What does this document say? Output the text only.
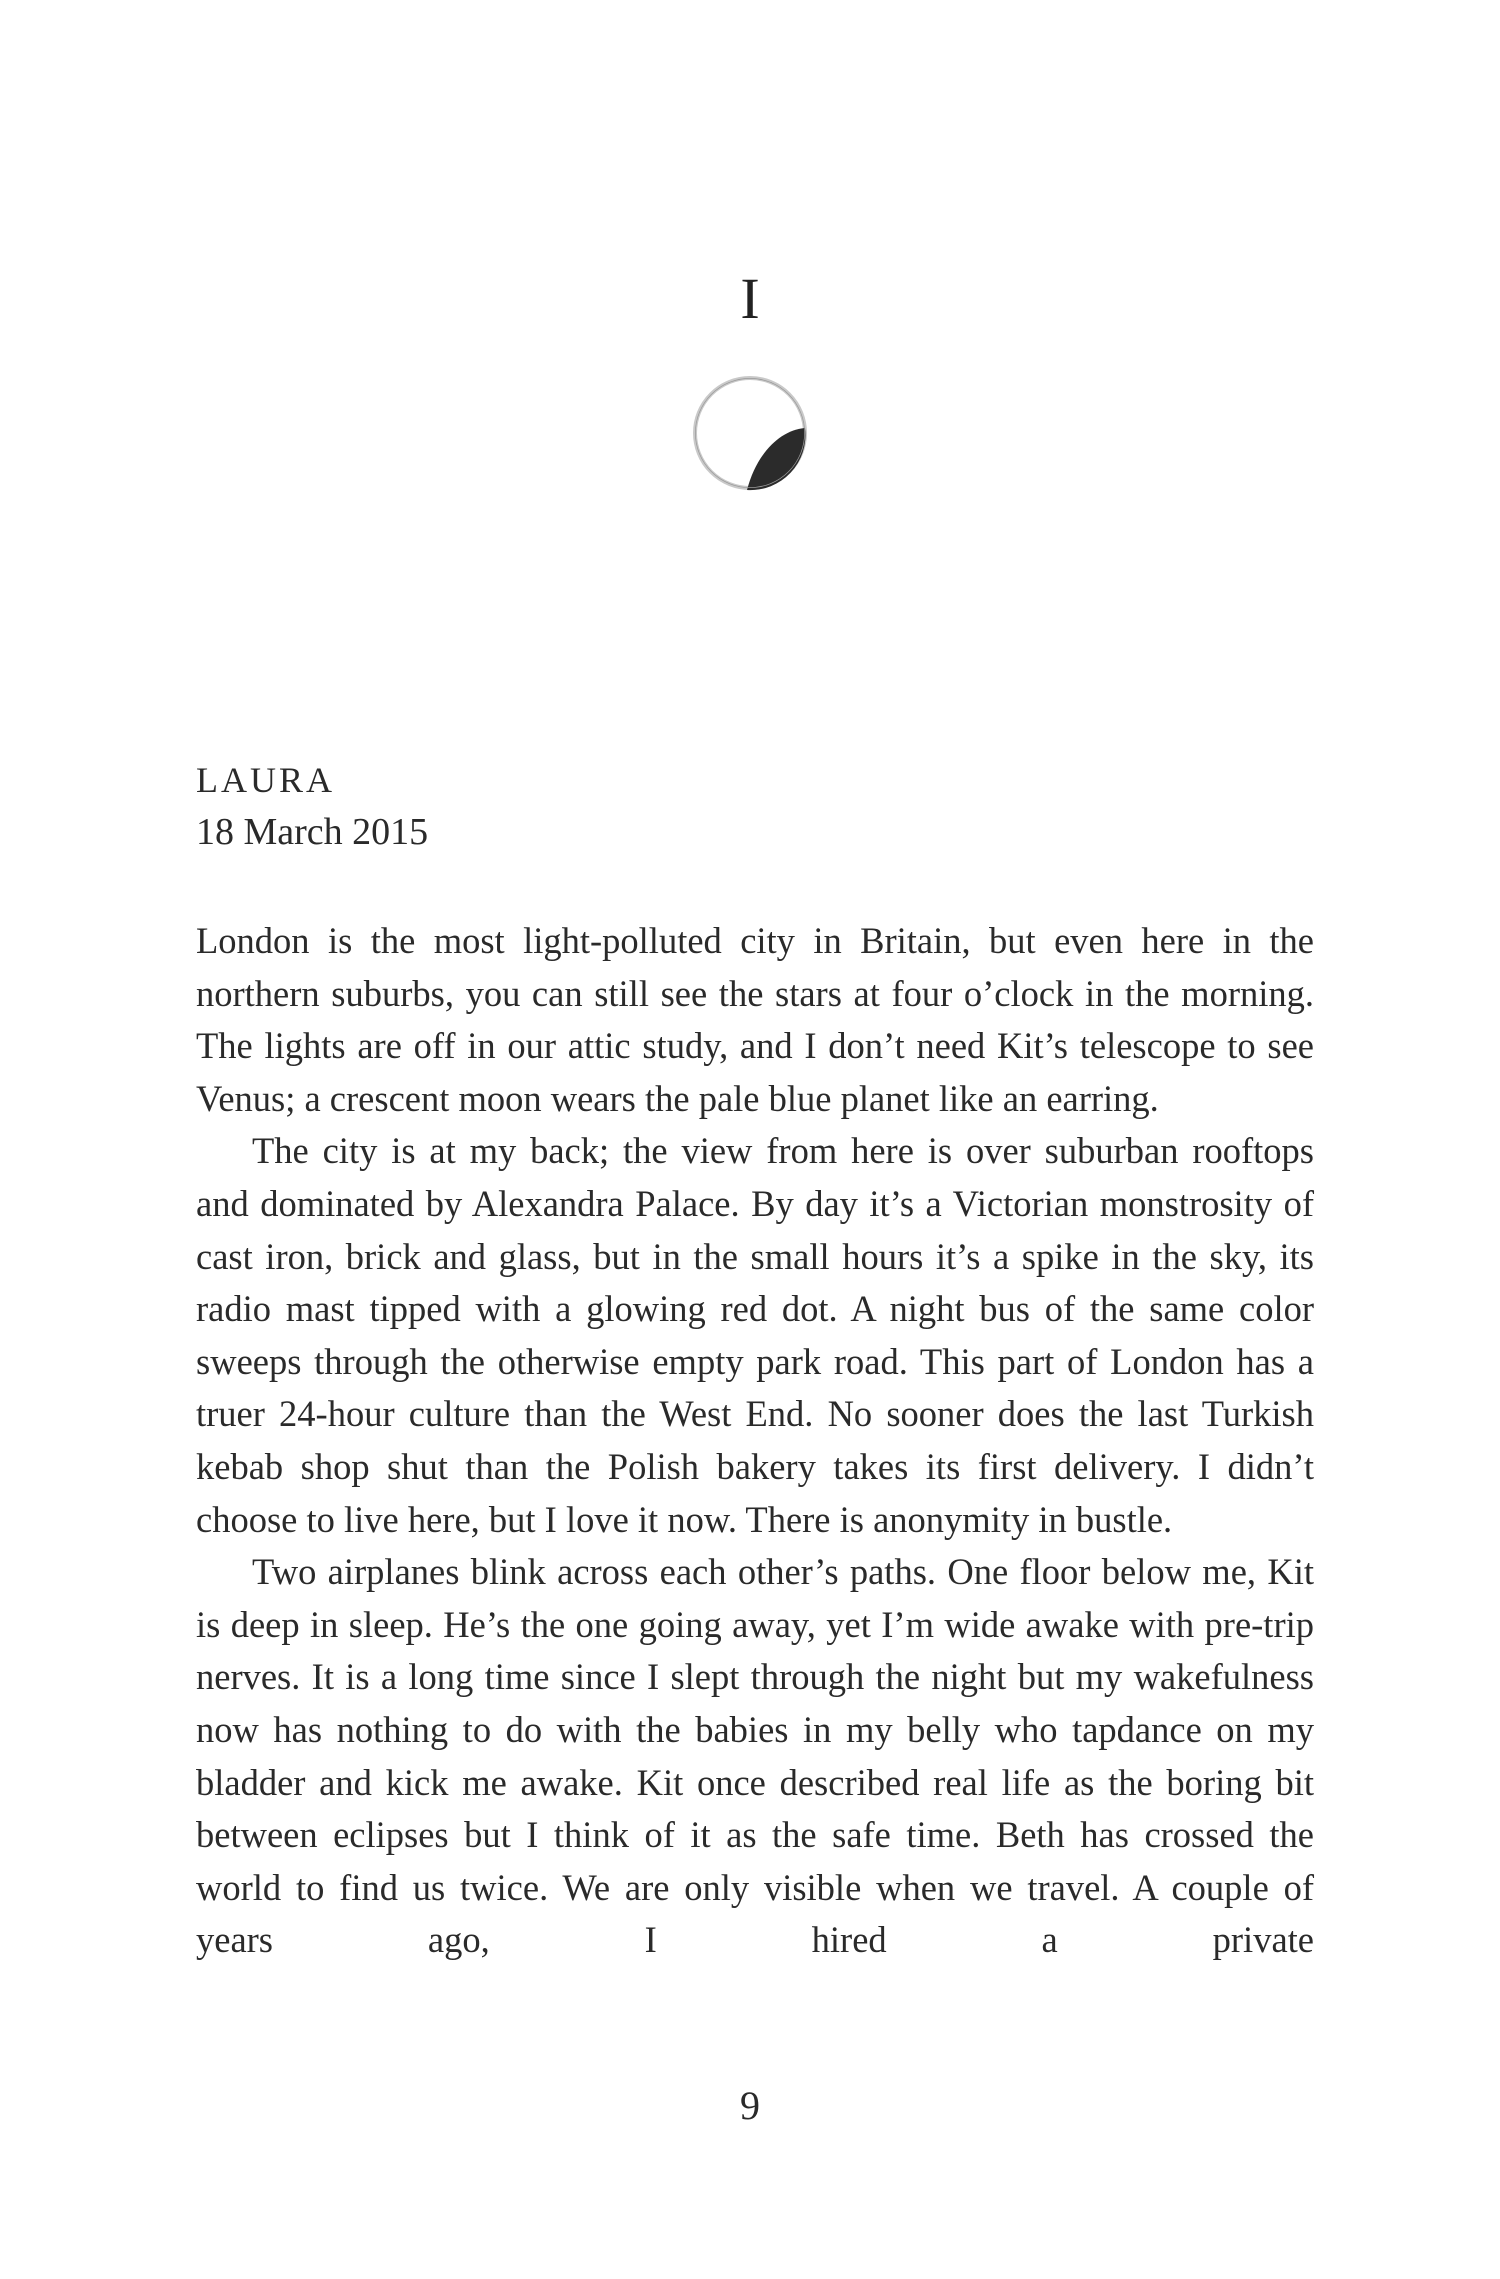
I
LAURA
18 March 2015

London is the most light-polluted city in Britain, but even here in the northern suburbs, you can still see the stars at four o’clock in the morning. The lights are off in our attic study, and I don’t need Kit’s telescope to see Venus; a crescent moon wears the pale blue planet like an earring.

The city is at my back; the view from here is over suburban rooftops and dominated by Alexandra Palace. By day it’s a Victorian monstrosity of cast iron, brick and glass, but in the small hours it’s a spike in the sky, its radio mast tipped with a glowing red dot. A night bus of the same color sweeps through the otherwise empty park road. This part of London has a truer 24-hour culture than the West End. No sooner does the last Turkish kebab shop shut than the Polish bakery takes its first delivery. I didn’t choose to live here, but I love it now. There is anonymity in bustle.

Two airplanes blink across each other’s paths. One floor below me, Kit is deep in sleep. He’s the one going away, yet I’m wide awake with pre-trip nerves. It is a long time since I slept through the night but my wakefulness now has nothing to do with the babies in my belly who tapdance on my bladder and kick me awake. Kit once described real life as the boring bit between eclipses but I think of it as the safe time. Beth has crossed the world to find us twice. We are only visible when we travel. A couple of years ago, I hired a private

9
